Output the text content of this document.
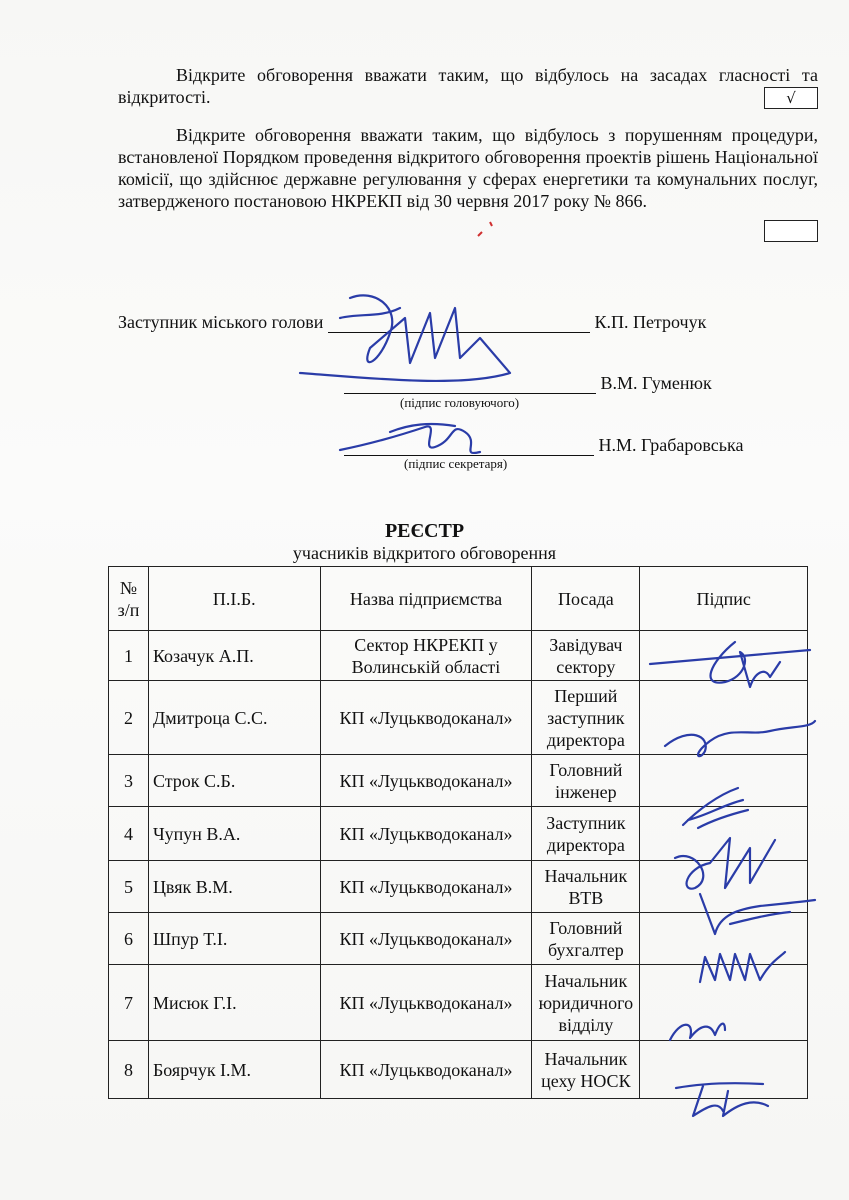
Відкрите обговорення вважати таким, що відбулось на засадах гласності та відкритості.	√
Відкрите обговорення вважати таким, що відбулось з порушенням процедури, встановленої Порядком проведення відкритого обговорення проектів рішень Національної комісії, що здійснює державне регулювання у сферах енергетики та комунальних послуг, затвердженого постановою НКРЕКП від 30 червня 2017 року № 866.
Заступник міського голови	К.П. Петрочук
В.М. Гуменюк
(підпис головуючого)
Н.М. Грабаровська
(підпис секретаря)
РЕЄСТР
учасників відкритого обговорення
№ з/п	П.І.Б.	Назва підприємства	Посада	Підпис
1	Козачук А.П.	Сектор НКРЕКП у Волинській області	Завідувач сектору	
2	Дмитроца С.С.	КП «Луцькводоканал»	Перший заступник директора	
3	Строк С.Б.	КП «Луцькводоканал»	Головний інженер	
4	Чупун В.А.	КП «Луцькводоканал»	Заступник директора	
5	Цвяк В.М.	КП «Луцькводоканал»	Начальник ВТВ	
6	Шпур Т.І.	КП «Луцькводоканал»	Головний бухгалтер	
7	Мисюк Г.І.	КП «Луцькводоканал»	Начальник юридичного відділу	
8	Боярчук І.М.	КП «Луцькводоканал»	Начальник цеху НОСК	
